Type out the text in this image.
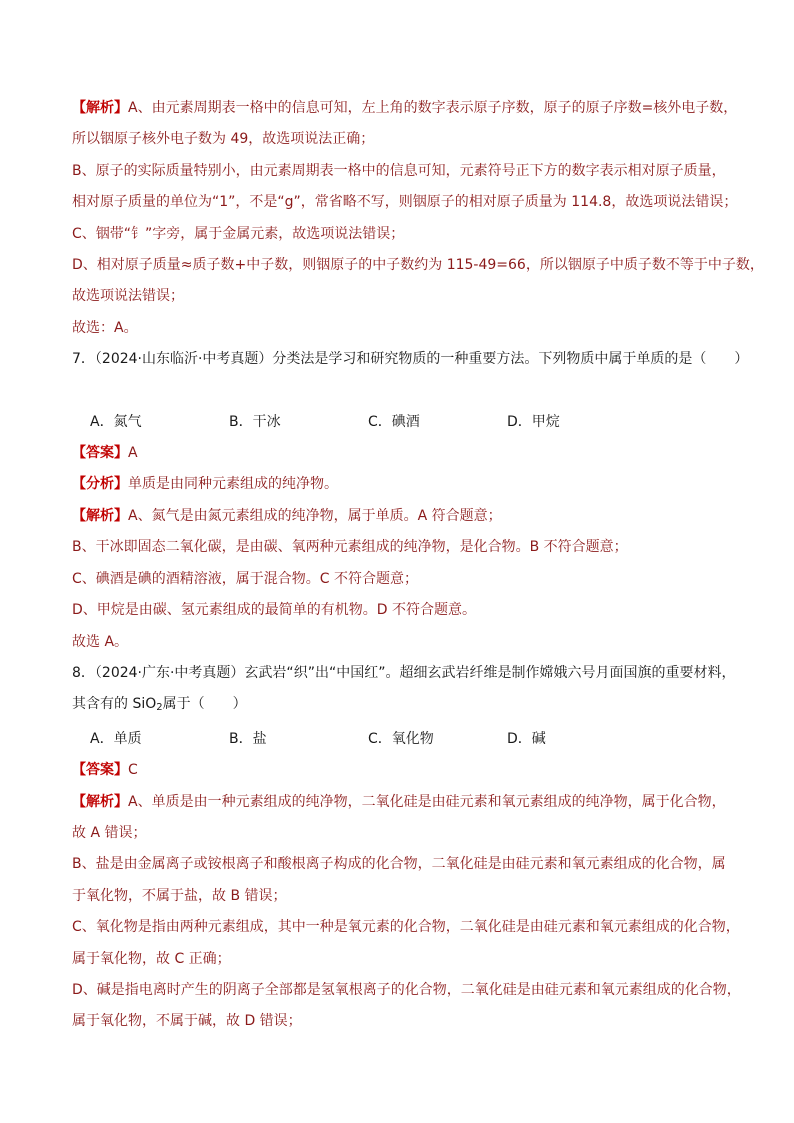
【解析】A、由元素周期表一格中的信息可知，左上角的数字表示原子序数，原子的原子序数=核外电子数，

所以铟原子核外电子数为 49，故选项说法正确；

B、原子的实际质量特别小，由元素周期表一格中的信息可知，元素符号正下方的数字表示相对原子质量，

相对原子质量的单位为“1”，不是“g”，常省略不写，则铟原子的相对原子质量为 114.8，故选项说法错误；

C、铟带“钅”字旁，属于金属元素，故选项说法错误；

D、相对原子质量≈质子数+中子数，则铟原子的中子数约为 115-49=66，所以铟原子中质子数不等于中子数，

故选项说法错误；

故选：A。

7．（2024·山东临沂·中考真题）分类法是学习和研究物质的一种重要方法。下列物质中属于单质的是（　　）

A．氮气	B．干冰	C．碘酒	D．甲烷

【答案】A

【分析】单质是由同种元素组成的纯净物。

【解析】A、氮气是由氮元素组成的纯净物，属于单质。A 符合题意；

B、干冰即固态二氧化碳，是由碳、氧两种元素组成的纯净物，是化合物。B 不符合题意；

C、碘酒是碘的酒精溶液，属于混合物。C 不符合题意；

D、甲烷是由碳、氢元素组成的最简单的有机物。D 不符合题意。

故选 A。

8．（2024·广东·中考真题）玄武岩“织”出“中国红”。超细玄武岩纤维是制作嫦娥六号月面国旗的重要材料，

其含有的 SiO$_2$属于（　　）

A．单质	B．盐	C．氧化物	D．碱

【答案】C

【解析】A、单质是由一种元素组成的纯净物，二氧化硅是由硅元素和氧元素组成的纯净物，属于化合物，

故 A 错误；

B、盐是由金属离子或铵根离子和酸根离子构成的化合物，二氧化硅是由硅元素和氧元素组成的化合物，属

于氧化物，不属于盐，故 B 错误；

C、氧化物是指由两种元素组成，其中一种是氧元素的化合物，二氧化硅是由硅元素和氧元素组成的化合物，

属于氧化物，故 C 正确；

D、碱是指电离时产生的阴离子全部都是氢氧根离子的化合物，二氧化硅是由硅元素和氧元素组成的化合物，

属于氧化物，不属于碱，故 D 错误；
